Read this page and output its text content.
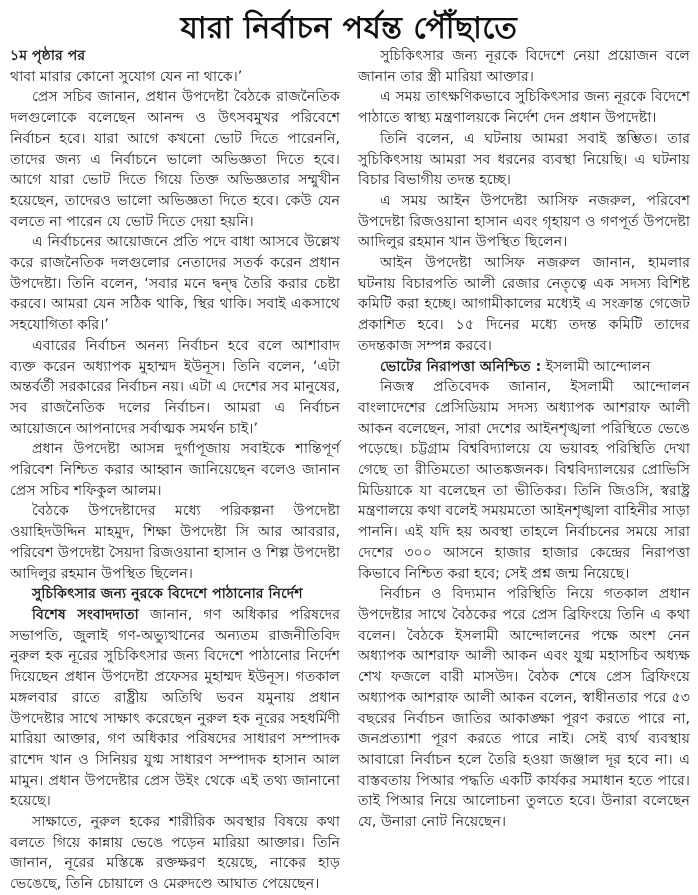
যারা নির্বাচন পর্যন্ত পৌঁছাতে

১ম পৃষ্ঠার পর

থাবা মারার কোনো সুযোগ যেন না থাকে।’

প্রেস সচিব জানান, প্রধান উপদেষ্টা বৈঠকে রাজনৈতিক দলগুলোকে বলেছেন আনন্দ ও উৎসবমুখর পরিবেশে নির্বাচন হবে। যারা আগে কখনো ভোট দিতে পারেননি, তাদের জন্য এ নির্বাচনে ভালো অভিজ্ঞতা দিতে হবে। আগে যারা ভোট দিতে গিয়ে তিক্ত অভিজ্ঞতার সম্মুখীন হয়েছেন, তাদেরও ভালো অভিজ্ঞতা দিতে হবে। কেউ যেন বলতে না পারেন যে ভোট দিতে দেয়া হয়নি।

এ নির্বাচনের আয়োজনে প্রতি পদে বাধা আসবে উল্লেখ করে রাজনৈতিক দলগুলোর নেতাদের সতর্ক করেন প্রধান উপদেষ্টা। তিনি বলেন, ‘সবার মনে দ্বন্দ্ব তৈরি করার চেষ্টা করবে। আমরা যেন সঠিক থাকি, স্থির থাকি। সবাই একসাথে সহযোগিতা করি।’

এবারের নির্বাচন অনন্য নির্বাচন হবে বলে আশাবাদ ব্যক্ত করেন অধ্যাপক মুহাম্মদ ইউনূস। তিনি বলেন, ‘এটা অন্তর্বর্তী সরকারের নির্বাচন নয়। এটা এ দেশের সব মানুষের, সব রাজনৈতিক দলের নির্বাচন। আমরা এ নির্বাচন আয়োজনে আপনাদের সর্বাত্মক সমর্থন চাই।’

প্রধান উপদেষ্টা আসন্ন দুর্গাপূজায় সবাইকে শান্তিপূর্ণ পরিবেশ নিশ্চিত করার আহ্বান জানিয়েছেন বলেও জানান প্রেস সচিব শফিকুল আলম।

বৈঠকে উপদেষ্টাদের মধ্যে পরিকল্পনা উপদেষ্টা ওয়াহিদউদ্দিন মাহমুদ, শিক্ষা উপদেষ্টা সি আর আবরার, পরিবেশ উপদেষ্টা সৈয়দা রিজওয়ানা হাসান ও শিল্প উপদেষ্টা আদিলুর রহমান উপস্থিত ছিলেন।

সুচিকিৎসার জন্য নুরকে বিদেশে পাঠানোর নির্দেশ

বিশেষ সংবাদদাতা জানান, গণ অধিকার পরিষদের সভাপতি, জুলাই গণ-অভ্যুত্থানের অন্যতম রাজনীতিবিদ নুরুল হক নূরের সুচিকিৎসার জন্য বিদেশে পাঠানোর নির্দেশ দিয়েছেন প্রধান উপদেষ্টা প্রফেসর মুহাম্মদ ইউনূস। গতকাল মঙ্গলবার রাতে রাষ্ট্রীয় অতিথি ভবন যমুনায় প্রধান উপদেষ্টার সাথে সাক্ষাৎ করেছেন নুরুল হক নূরের সহধর্মিণী মারিয়া আক্তার, গণ অধিকার পরিষদের সাধারণ সম্পাদক রাশেদ খান ও সিনিয়র যুগ্ম সাধারণ সম্পাদক হাসান আল মামুন। প্রধান উপদেষ্টার প্রেস উইং থেকে এই তথ্য জানানো হয়েছে।

সাক্ষাতে, নুরুল হকের শারীরিক অবস্থার বিষয়ে কথা বলতে গিয়ে কান্নায় ভেঙে পড়েন মারিয়া আক্তার। তিনি জানান, নূরের মস্তিষ্কে রক্তক্ষরণ হয়েছে, নাকের হাড় ভেঙেছে, তিনি চোয়ালে ও মেরুদণ্ডে আঘাত পেয়েছেন।

সুচিকিৎসার জন্য নূরকে বিদেশে নেয়া প্রয়োজন বলে জানান তার স্ত্রী মারিয়া আক্তার।

এ সময় তাৎক্ষণিকভাবে সুচিকিৎসার জন্য নূরকে বিদেশে পাঠাতে স্বাস্থ্য মন্ত্রণালয়কে নির্দেশ দেন প্রধান উপদেষ্টা।

তিনি বলেন, এ ঘটনায় আমরা সবাই স্তম্ভিত। তার সুচিকিৎসায় আমরা সব ধরনের ব্যবস্থা নিয়েছি। এ ঘটনায় বিচার বিভাগীয় তদন্ত হচ্ছে।

এ সময় আইন উপদেষ্টা আসিফ নজরুল, পরিবেশ উপদেষ্টা রিজওয়ানা হাসান এবং গৃহায়ণ ও গণপূর্ত উপদেষ্টা আদিলুর রহমান খান উপস্থিত ছিলেন।

আইন উপদেষ্টা আসিফ নজরুল জানান, হামলার ঘটনায় বিচারপতি আলী রেজার নেতৃত্বে এক সদস্য বিশিষ্ট কমিটি করা হচ্ছে। আগামীকালের মধ্যেই এ সংক্রান্ত গেজেট প্রকাশিত হবে। ১৫ দিনের মধ্যে তদন্ত কমিটি তাদের তদন্তকাজ সম্পন্ন করবে।

ভোটের নিরাপত্তা অনিশ্চিত : ইসলামী আন্দোলন

নিজস্ব প্রতিবেদক জানান, ইসলামী আন্দোলন বাংলাদেশের প্রেসিডিয়াম সদস্য অধ্যাপক আশরাফ আলী আকন বলেছেন, সারা দেশের আইনশৃঙ্খলা পরিস্থিতে ভেঙে পড়েছে। চট্টগ্রাম বিশ্ববিদ্যালয়ে যে ভয়াবহ পরিস্থিতি দেখা গেছে তা রীতিমতো আতঙ্কজনক। বিশ্ববিদ্যালয়ের প্রোভিসি মিডিয়াকে যা বলেছেন তা ভীতিকর। তিনি জিওসি, স্বরাষ্ট্র মন্ত্রণালয়ে কথা বলেই সময়মতো আইনশৃঙ্খলা বাহিনীর সাড়া পাননি। এই যদি হয় অবস্থা তাহলে নির্বাচনের সময়ে সারা দেশের ৩০০ আসনে হাজার হাজার কেন্দ্রের নিরাপত্তা কিভাবে নিশ্চিত করা হবে; সেই প্রশ্ন জন্ম নিয়েছে।

নির্বাচন ও বিদ্যমান পরিস্থিতি নিয়ে গতকাল প্রধান উপদেষ্টার সাথে বৈঠকের পরে প্রেস ব্রিফিংয়ে তিনি এ কথা বলেন। বৈঠকে ইসলামী আন্দোলনের পক্ষে অংশ নেন অধ্যাপক আশরাফ আলী আকন এবং যুগ্ম মহাসচিব অধ্যক্ষ শেখ ফজলে বারী মাসউদ। বৈঠক শেষে প্রেস ব্রিফিংয়ে অধ্যাপক আশরাফ আলী আকন বলেন, স্বাধীনতার পরে ৫৩ বছরের নির্বাচন জাতির আকাঙ্ক্ষা পূরণ করতে পারে না, জনপ্রত্যাশা পূরণ করতে পারে নাই। সেই ব্যর্থ ব্যবস্থায় আবারো নির্বাচন হলে তৈরি হওয়া জঞ্জাল দূর হবে না। এ বাস্তবতায় পিআর পদ্ধতি একটি কার্যকর সমাধান হতে পারে। তাই পিআর নিয়ে আলোচনা তুলতে হবে। উনারা বলেছেন যে, উনারা নোট নিয়েছেন।
